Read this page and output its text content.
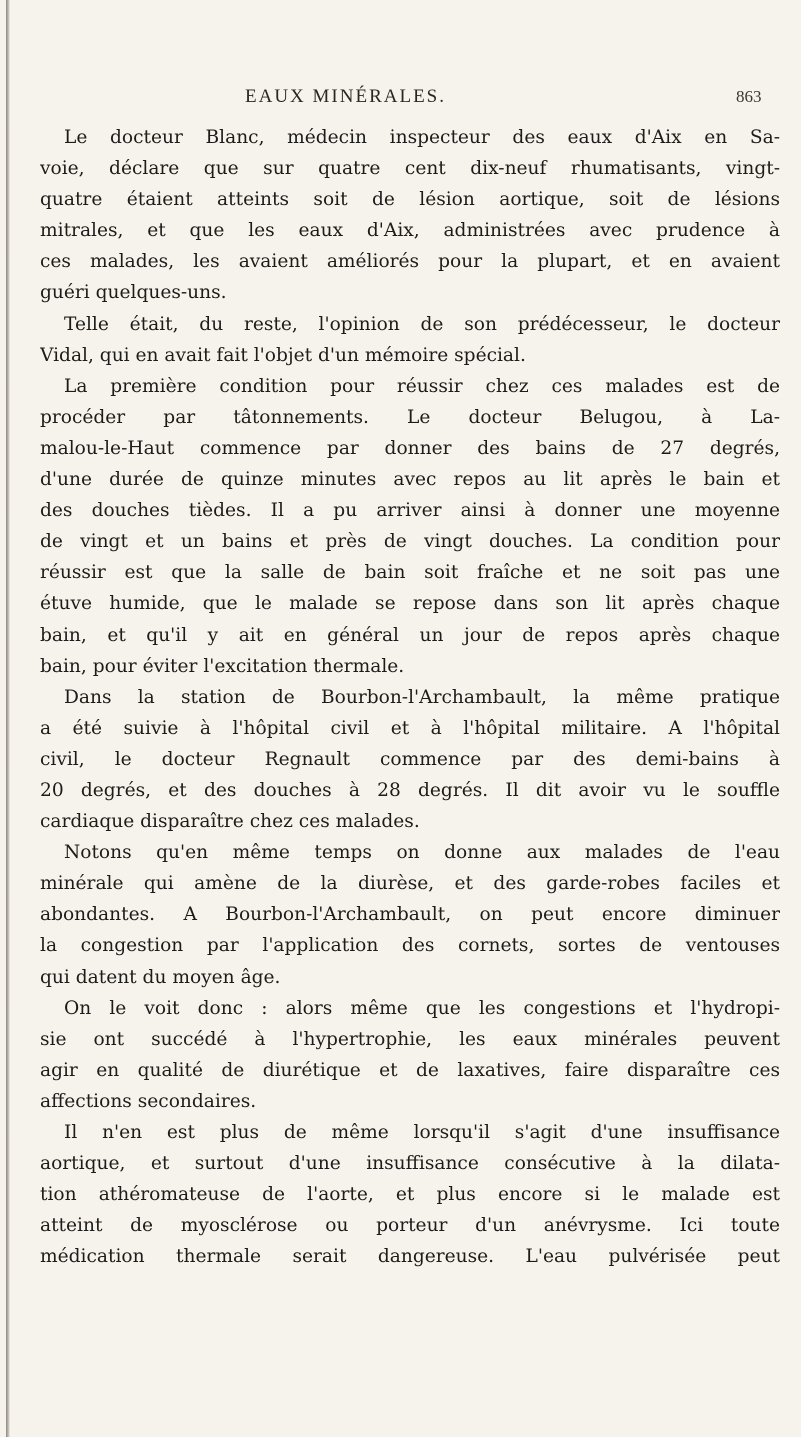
EAUX MINÉRALES.	863
Le docteur Blanc, médecin inspecteur des eaux d'Aix en Sa-
voie, déclare que sur quatre cent dix-neuf rhumatisants, vingt-
quatre étaient atteints soit de lésion aortique, soit de lésions
mitrales, et que les eaux d'Aix, administrées avec prudence à
ces malades, les avaient améliorés pour la plupart, et en avaient
guéri quelques-uns.
Telle était, du reste, l'opinion de son prédécesseur, le docteur
Vidal, qui en avait fait l'objet d'un mémoire spécial.
La première condition pour réussir chez ces malades est de
procéder par tâtonnements. Le docteur Belugou, à La-
malou-le-Haut commence par donner des bains de 27 degrés,
d'une durée de quinze minutes avec repos au lit après le bain et
des douches tièdes. Il a pu arriver ainsi à donner une moyenne
de vingt et un bains et près de vingt douches. La condition pour
réussir est que la salle de bain soit fraîche et ne soit pas une
étuve humide, que le malade se repose dans son lit après chaque
bain, et qu'il y ait en général un jour de repos après chaque
bain, pour éviter l'excitation thermale.
Dans la station de Bourbon-l'Archambault, la même pratique
a été suivie à l'hôpital civil et à l'hôpital militaire. A l'hôpital
civil, le docteur Regnault commence par des demi-bains à
20 degrés, et des douches à 28 degrés. Il dit avoir vu le souffle
cardiaque disparaître chez ces malades.
Notons qu'en même temps on donne aux malades de l'eau
minérale qui amène de la diurèse, et des garde-robes faciles et
abondantes. A Bourbon-l'Archambault, on peut encore diminuer
la congestion par l'application des cornets, sortes de ventouses
qui datent du moyen âge.
On le voit donc : alors même que les congestions et l'hydropi-
sie ont succédé à l'hypertrophie, les eaux minérales peuvent
agir en qualité de diurétique et de laxatives, faire disparaître ces
affections secondaires.
Il n'en est plus de même lorsqu'il s'agit d'une insuffisance
aortique, et surtout d'une insuffisance consécutive à la dilata-
tion athéromateuse de l'aorte, et plus encore si le malade est
atteint de myosclérose ou porteur d'un anévrysme. Ici toute
médication thermale serait dangereuse. L'eau pulvérisée peut
